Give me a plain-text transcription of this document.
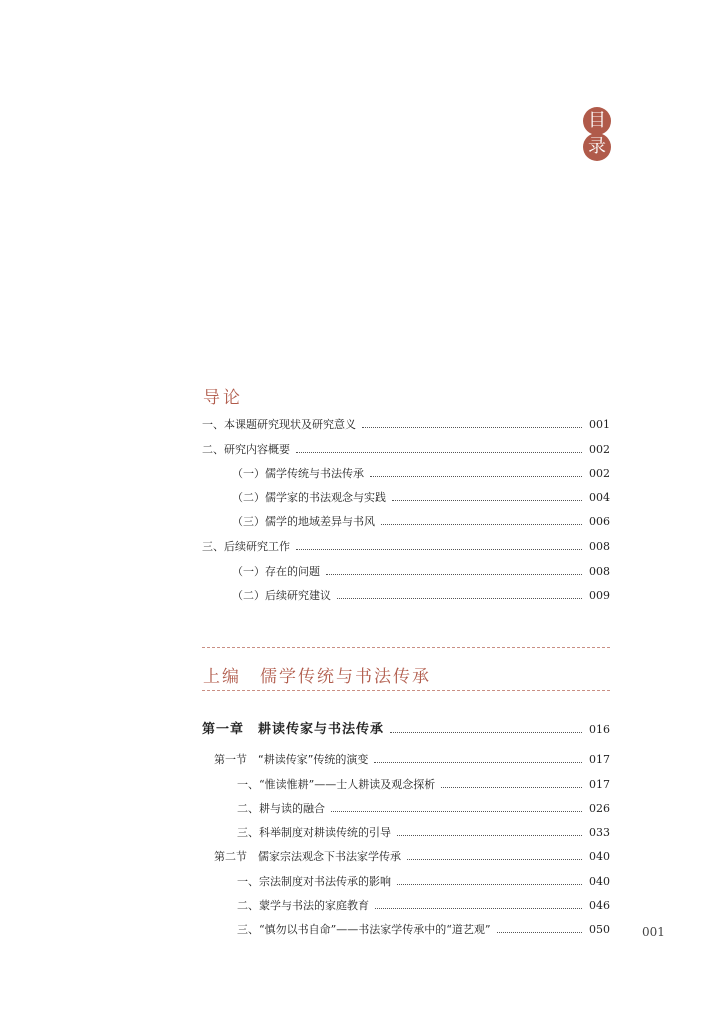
目
录
导论
一、本课题研究现状及研究意义	001
二、研究内容概要	002
（一）儒学传统与书法传承	002
（二）儒学家的书法观念与实践	004
（三）儒学的地域差异与书风	006
三、后续研究工作	008
（一）存在的问题	008
（二）后续研究建议	009
上编　儒学传统与书法传承
第一章　耕读传家与书法传承	016
第一节　“耕读传家”传统的演变	017
一、“惟读惟耕”——士人耕读及观念探析	017
二、耕与读的融合	026
三、科举制度对耕读传统的引导	033
第二节　儒家宗法观念下书法家学传承	040
一、宗法制度对书法传承的影响	040
二、蒙学与书法的家庭教育	046
三、“慎勿以书自命”——书法家学传承中的“道艺观”	050	001
